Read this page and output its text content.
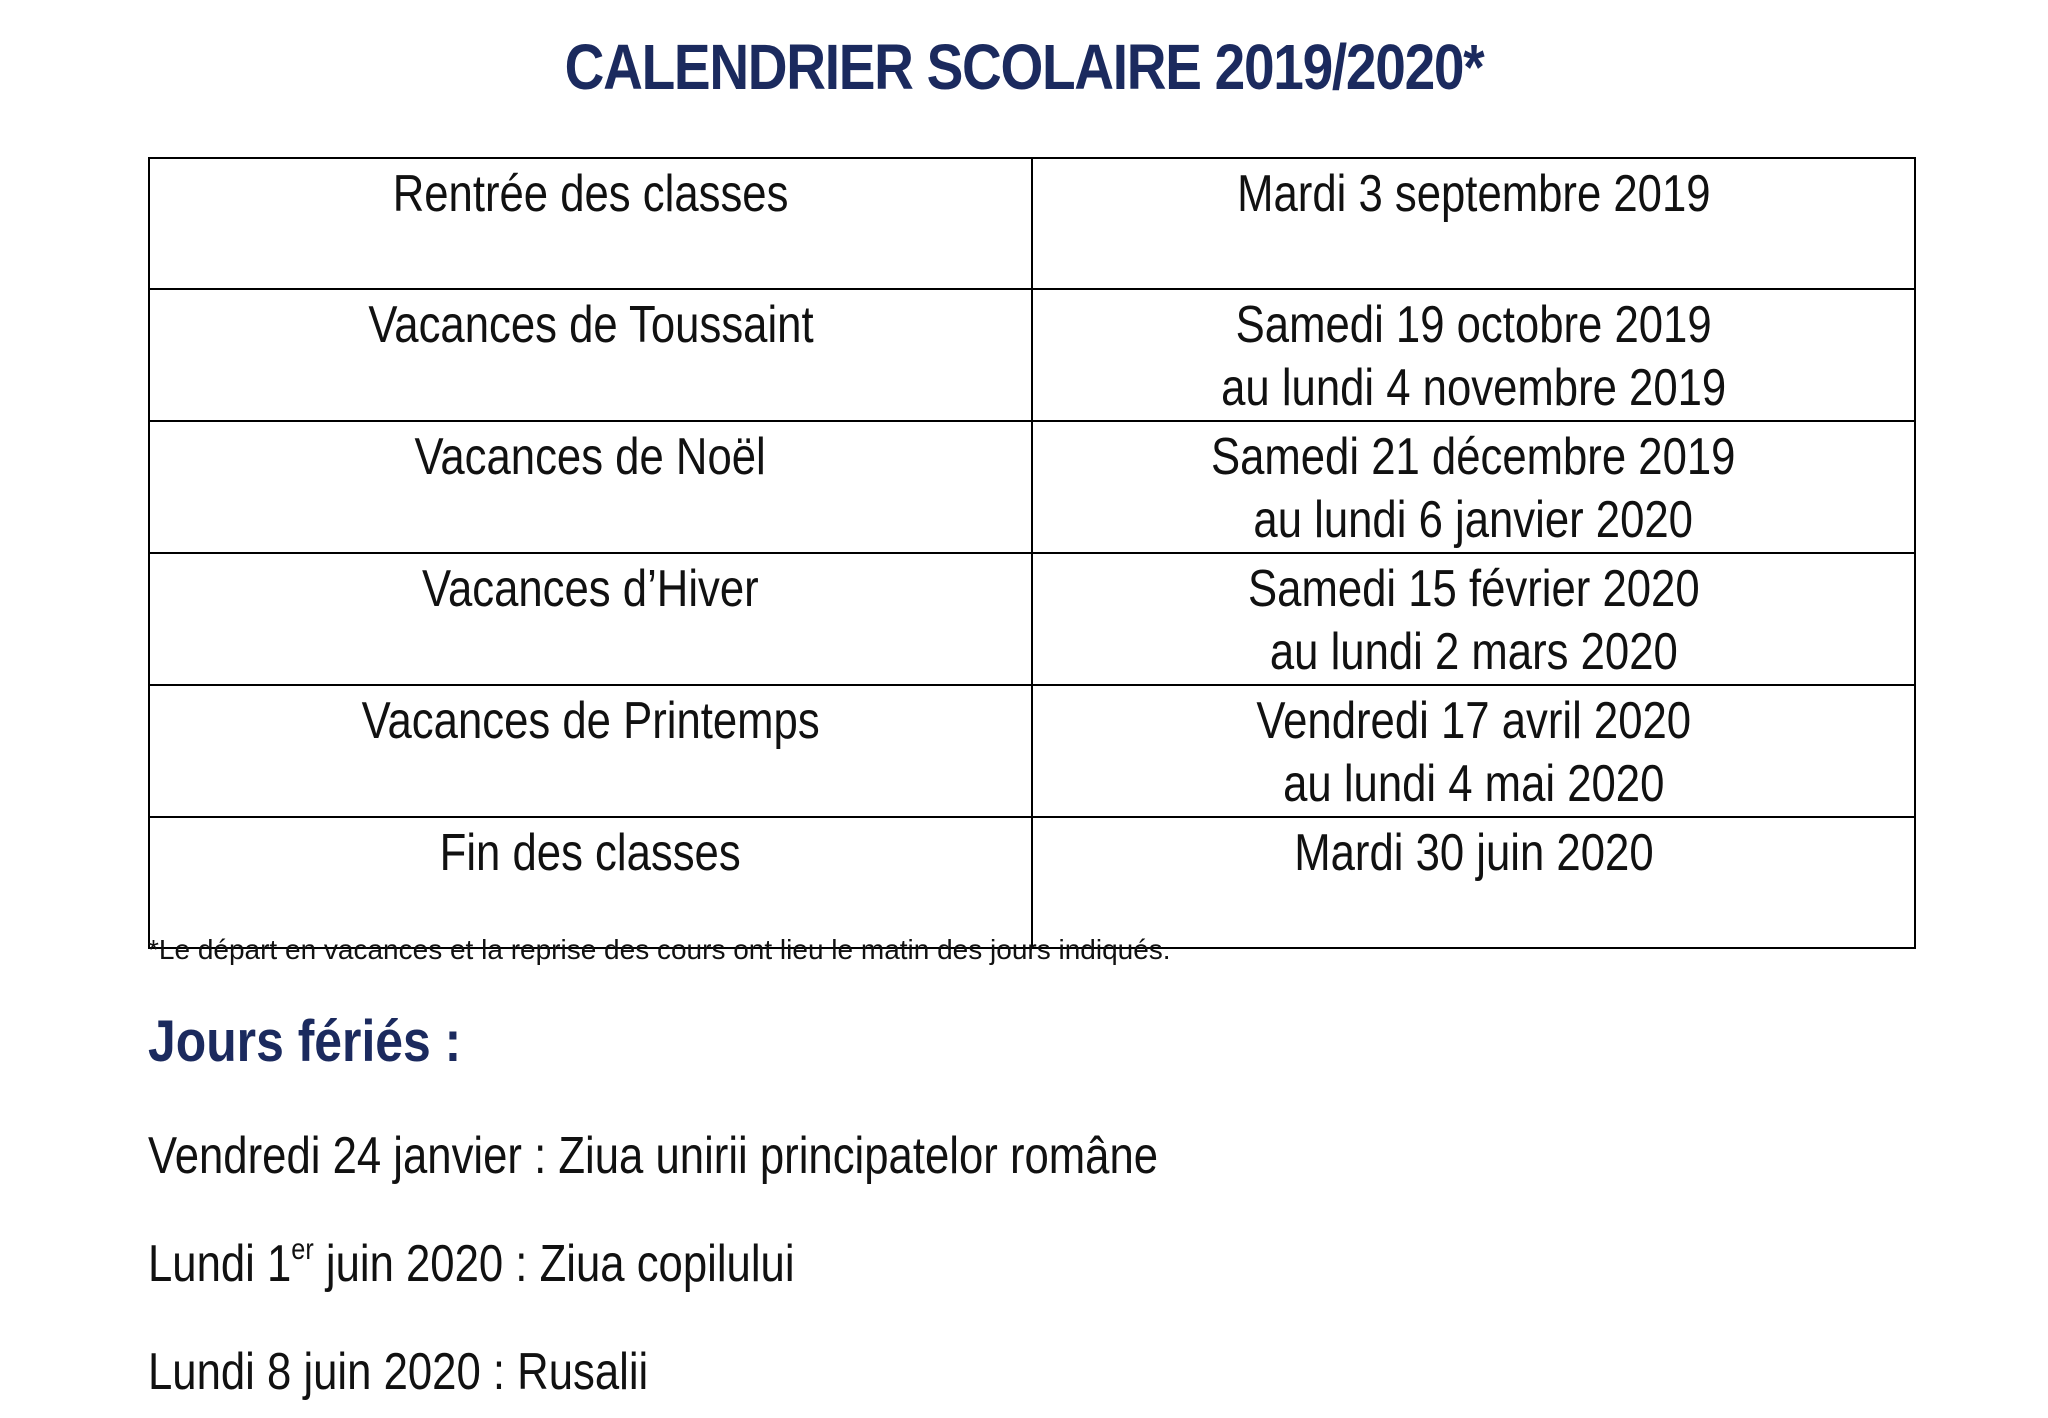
CALENDRIER SCOLAIRE 2019/2020*
Rentrée des classes	Mardi 3 septembre 2019

Vacances de Toussaint	Samedi 19 octobre 2019
au lundi 4 novembre 2019

Vacances de Noël	Samedi 21 décembre 2019
au lundi 6 janvier 2020

Vacances d’Hiver	Samedi 15 février 2020
au lundi 2 mars 2020

Vacances de Printemps	Vendredi 17 avril 2020
au lundi 4 mai 2020

Fin des classes	Mardi 30 juin 2020

*Le départ en vacances et la reprise des cours ont lieu le matin des jours indiqués.

Jours fériés :

Vendredi 24 janvier : Ziua unirii principatelor române

Lundi 1er juin 2020 : Ziua copilului

Lundi 8 juin 2020 : Rusalii
